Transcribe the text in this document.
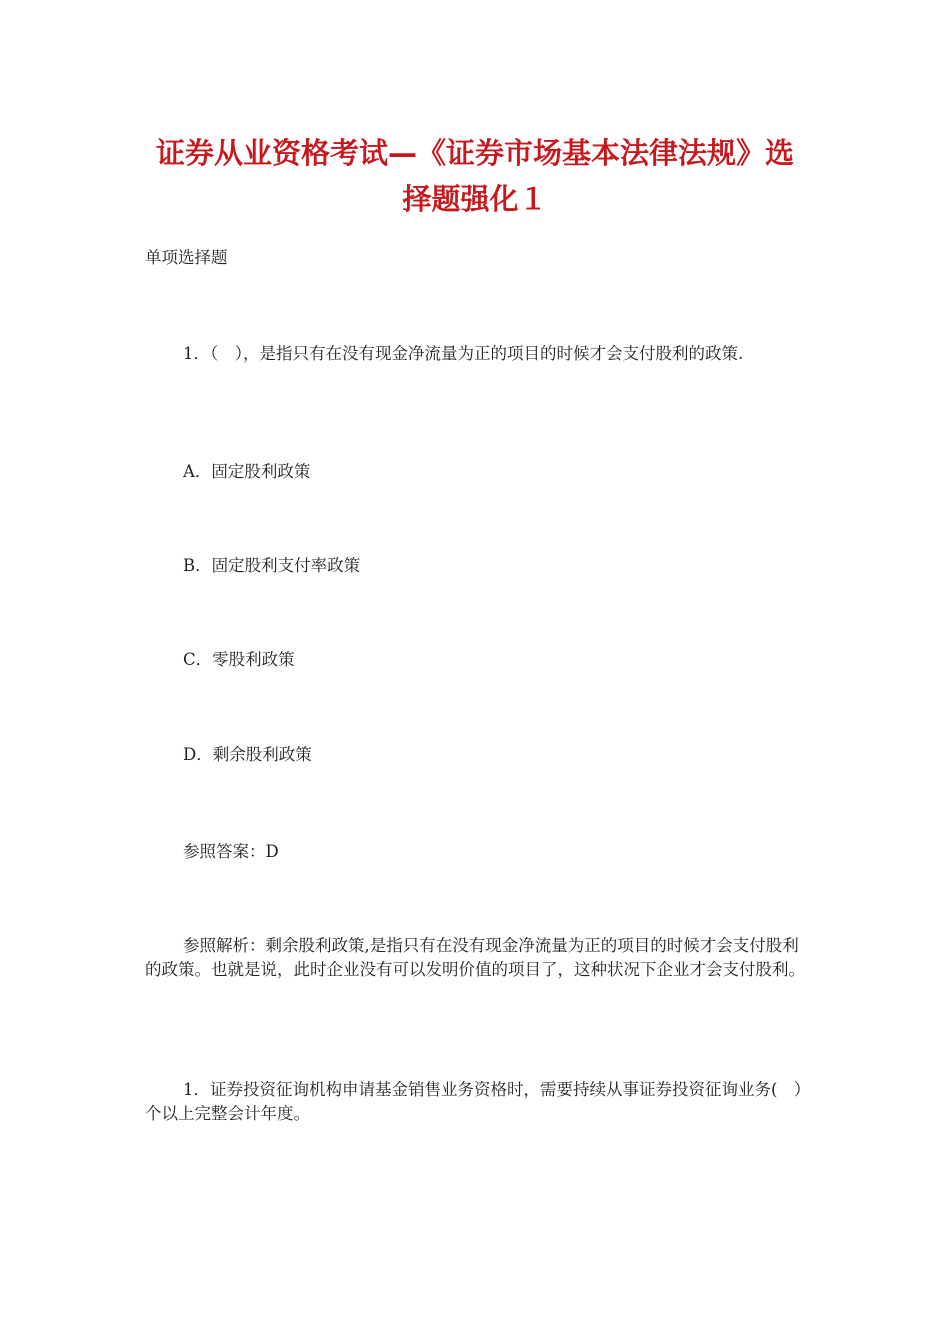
证券从业资格考试—《证券市场基本法律法规》选择题强化１

单项选择题

1．（　），是指只有在没有现金净流量为正的项目的时候才会支付股利的政策.

A．固定股利政策

B．固定股利支付率政策

C．零股利政策

D．剩余股利政策

参照答案：D

参照解析：剩余股利政策,是指只有在没有现金净流量为正的项目的时候才会支付股利的政策。也就是说，此时企业没有可以发明价值的项目了，这种状况下企业才会支付股利。

1．证券投资征询机构申请基金销售业务资格时，需要持续从事证券投资征询业务(　）个以上完整会计年度。
